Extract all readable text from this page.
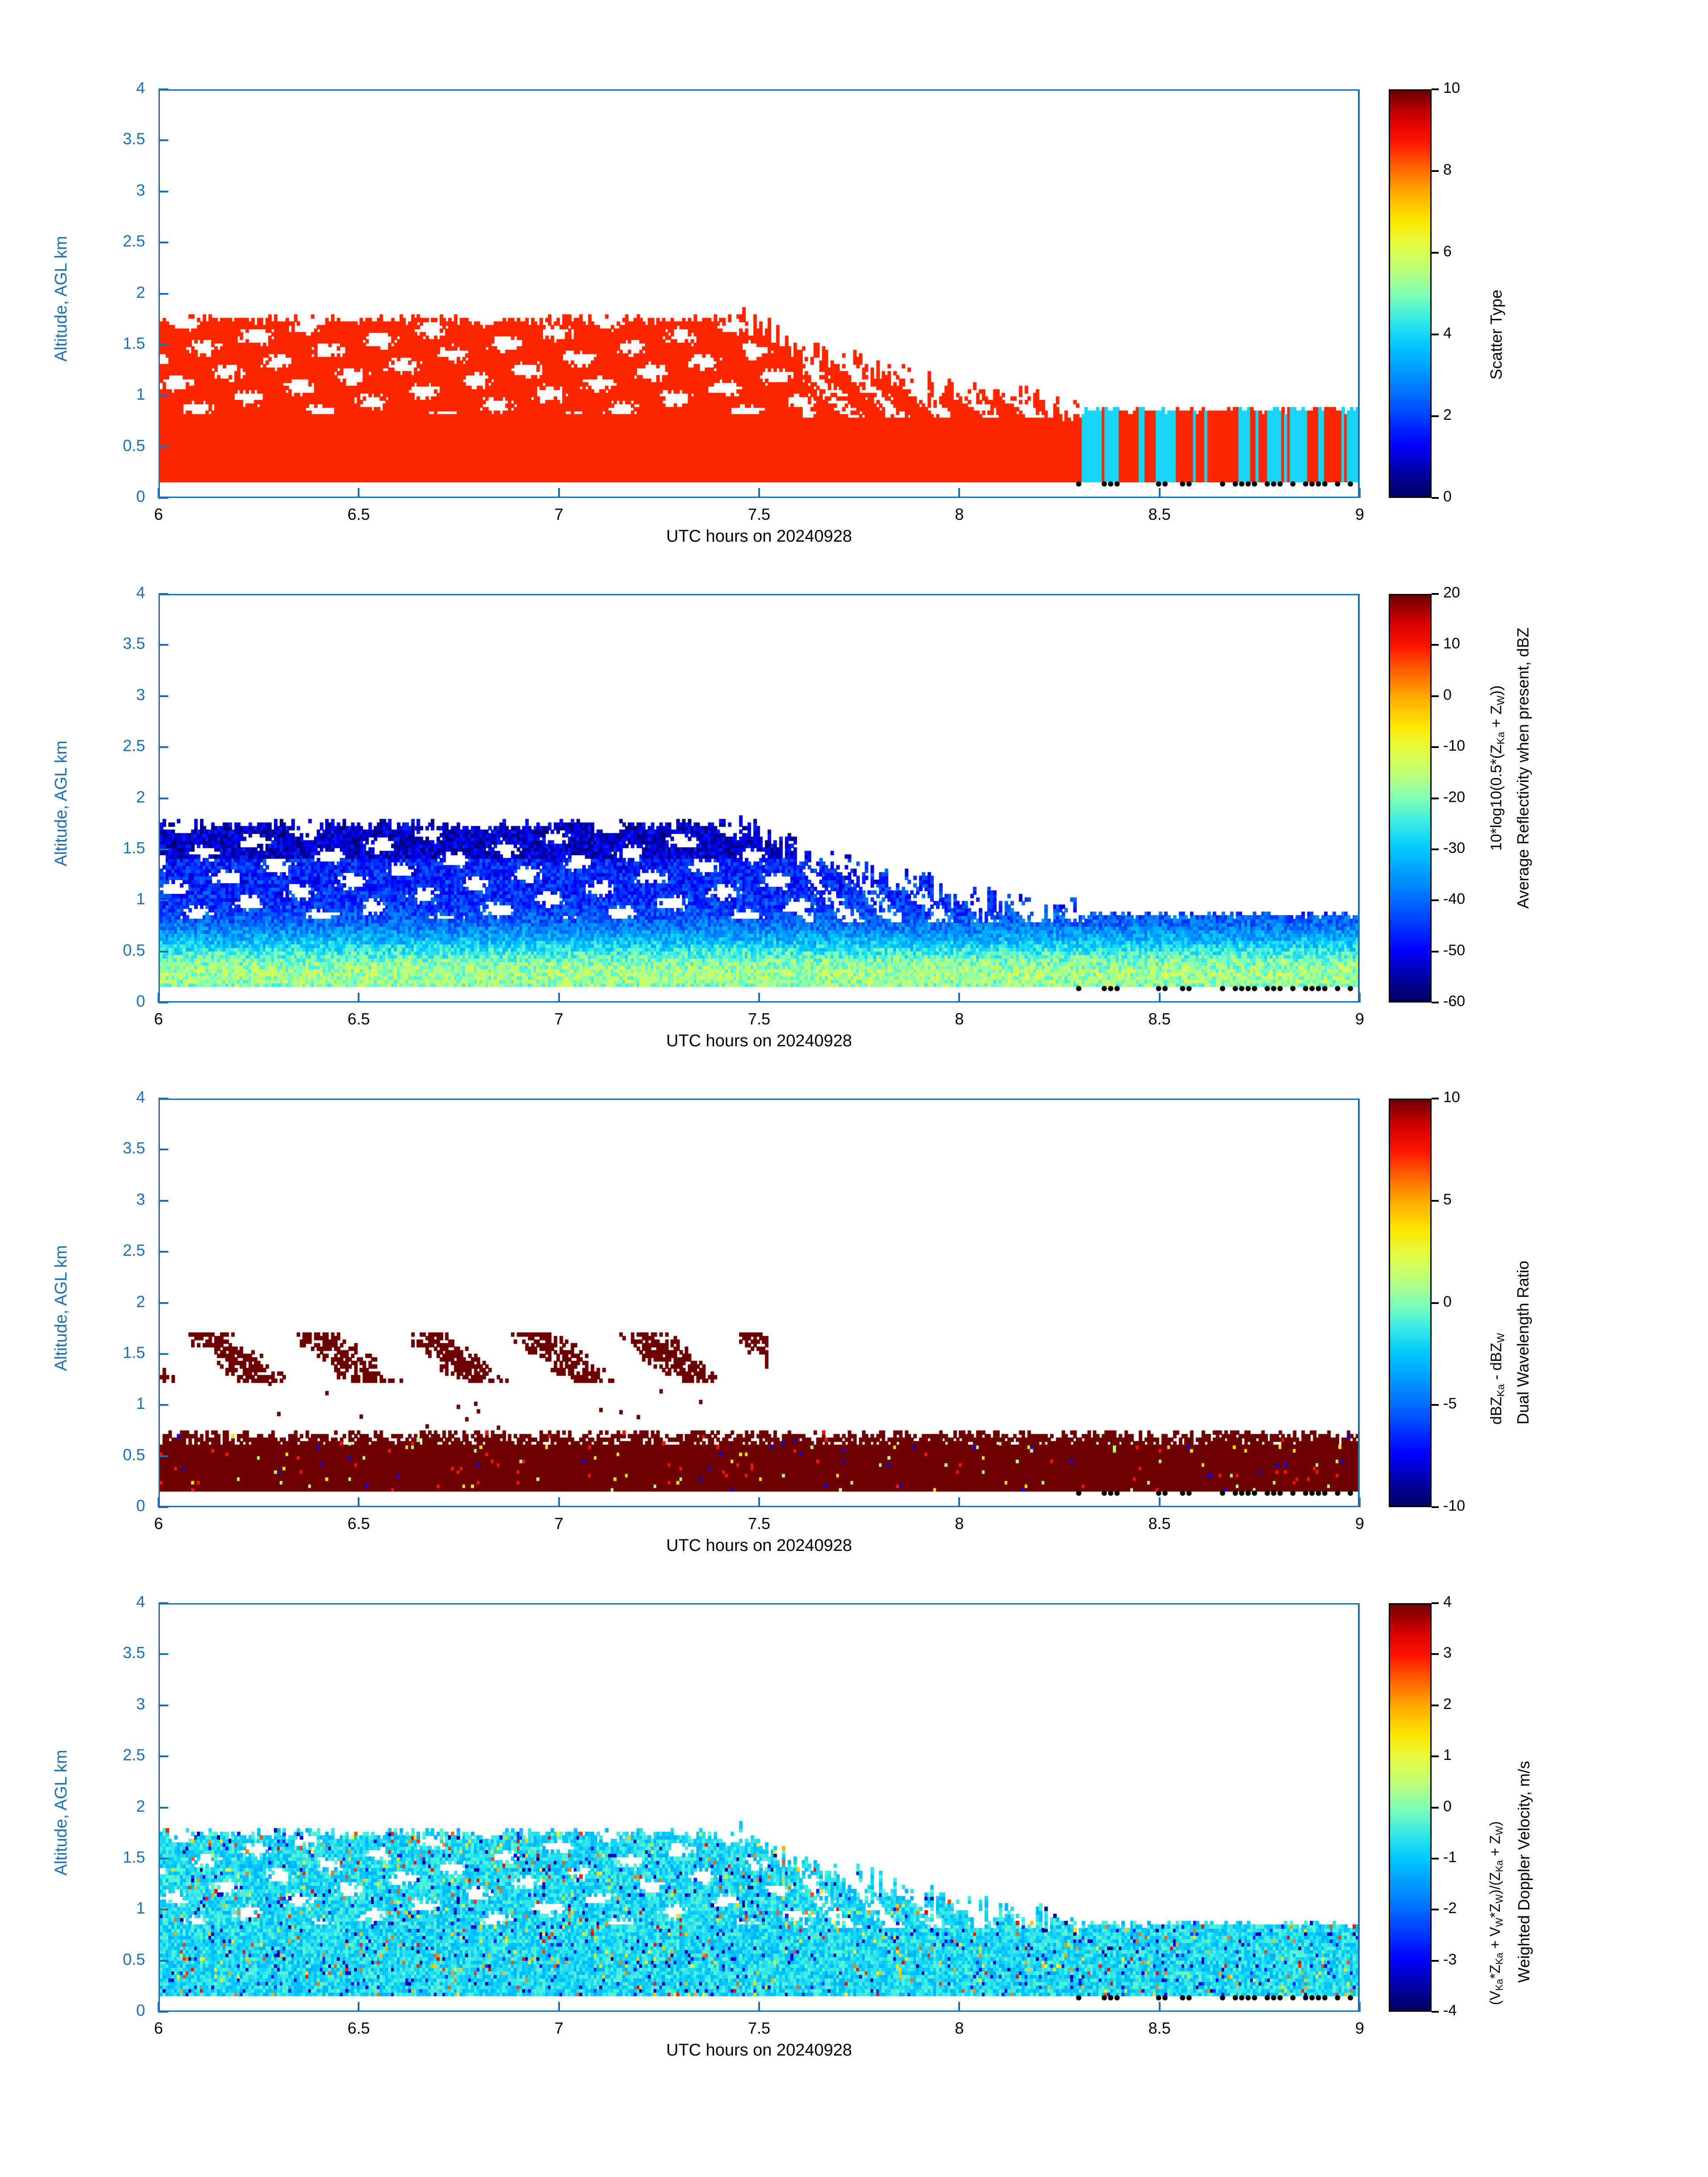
Altitude, AGL km
UTC hours on 20240928
Scatter Type
0
0.5
1
1.5
2
2.5
3
3.5
4
6	6.5	7	7.5	8	8.5	9
0
2
4
6
8
10
Altitude, AGL km
UTC hours on 20240928
Average Reflectivity when present, dBZ
$10*\log 10(0.5*(Z_{Ka} + Z_W))$
0
0.5
1
1.5
2
2.5
3
3.5
4
6	6.5	7	7.5	8	8.5	9
-60
-50
-40
-30
-20
-10
0
10
20
Altitude, AGL km
UTC hours on 20240928
Dual Wavelength Ratio
dBZ$_{Ka}$ - dBZ$_W$
0
0.5
1
1.5
2
2.5
3
3.5
4
6	6.5	7	7.5	8	8.5	9
-10
-5
0
5
10
Altitude, AGL km
UTC hours on 20240928
Weighted Doppler Velocity, m/s
$(V_{Ka}*Z_{Ka} + V_W*Z_W)/(Z_{Ka} + Z_W)$
0
0.5
1
1.5
2
2.5
3
3.5
4
6	6.5	7	7.5	8	8.5	9
-4
-3
-2
-1
0
1
2
3
4
